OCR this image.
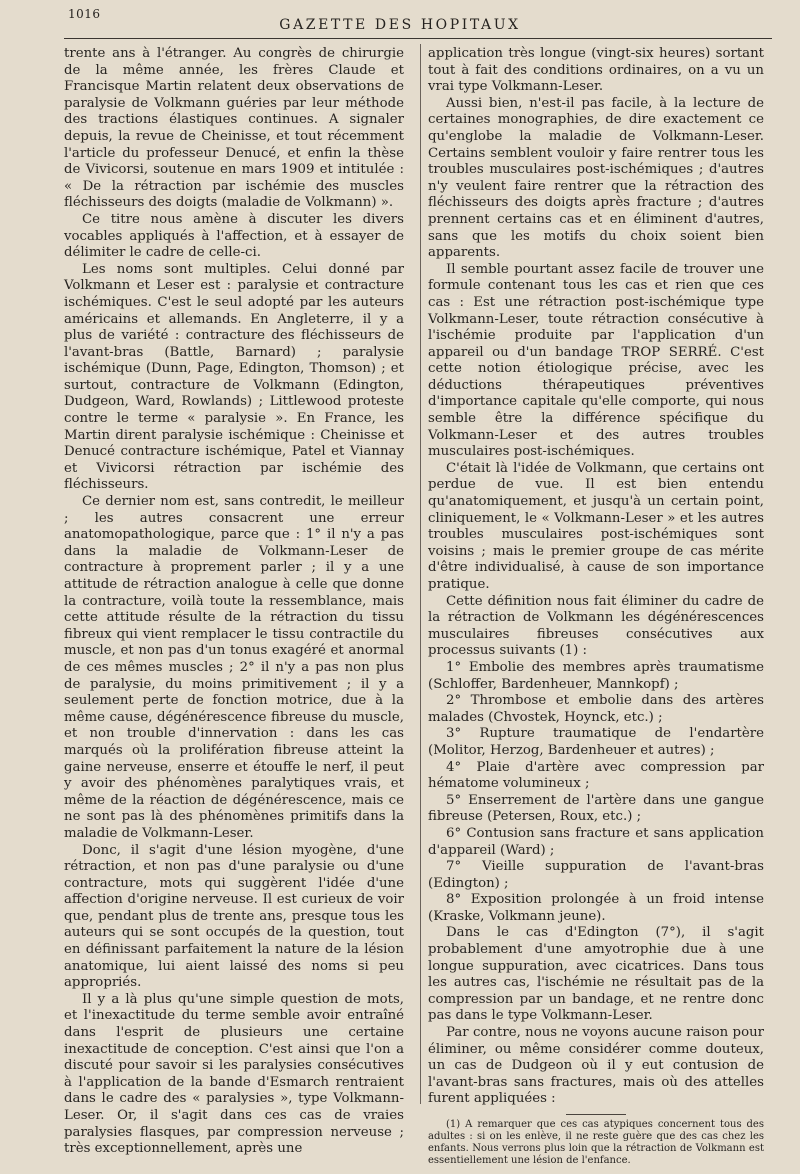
1016
GAZETTE DES HOPITAUX

trente ans à l'étranger. Au congrès de chirurgie de la même année, les frères Claude et Francisque Martin relatent deux observations de paralysie de Volkmann guéries par leur méthode des tractions élastiques continues. A signaler depuis, la revue de Cheinisse, et tout récemment l'article du professeur Denucé, et enfin la thèse de Vivicorsi, soutenue en mars 1909 et intitulée : « De la rétraction par ischémie des muscles fléchisseurs des doigts (maladie de Volkmann) ».

Ce titre nous amène à discuter les divers vocables appliqués à l'affection, et à essayer de délimiter le cadre de celle-ci.

Les noms sont multiples. Celui donné par Volkmann et Leser est : paralysie et contracture ischémiques. C'est le seul adopté par les auteurs américains et allemands. En Angleterre, il y a plus de variété : contracture des fléchisseurs de l'avant-bras (Battle, Barnard) ; paralysie ischémique (Dunn, Page, Edington, Thomson) ; et surtout, contracture de Volkmann (Edington, Dudgeon, Ward, Rowlands) ; Littlewood proteste contre le terme « paralysie ». En France, les Martin dirent paralysie ischémique : Cheinisse et Denucé contracture ischémique, Patel et Viannay et Vivicorsi rétraction par ischémie des fléchisseurs.

Ce dernier nom est, sans contredit, le meilleur ; les autres consacrent une erreur anatomopathologique, parce que : 1° il n'y a pas dans la maladie de Volkmann-Leser de contracture à proprement parler ; il y a une attitude de rétraction analogue à celle que donne la contracture, voilà toute la ressemblance, mais cette attitude résulte de la rétraction du tissu fibreux qui vient remplacer le tissu contractile du muscle, et non pas d'un tonus exagéré et anormal de ces mêmes muscles ; 2° il n'y a pas non plus de paralysie, du moins primitivement ; il y a seulement perte de fonction motrice, due à la même cause, dégénérescence fibreuse du muscle, et non trouble d'innervation : dans les cas marqués où la prolifération fibreuse atteint la gaine nerveuse, enserre et étouffe le nerf, il peut y avoir des phénomènes paralytiques vrais, et même de la réaction de dégénérescence, mais ce ne sont pas là des phénomènes primitifs dans la maladie de Volkmann-Leser.

Donc, il s'agit d'une lésion myogène, d'une rétraction, et non pas d'une paralysie ou d'une contracture, mots qui suggèrent l'idée d'une affection d'origine nerveuse. Il est curieux de voir que, pendant plus de trente ans, presque tous les auteurs qui se sont occupés de la question, tout en définissant parfaitement la nature de la lésion anatomique, lui aient laissé des noms si peu appropriés.

Il y a là plus qu'une simple question de mots, et l'inexactitude du terme semble avoir entraîné dans l'esprit de plusieurs une certaine inexactitude de conception. C'est ainsi que l'on a discuté pour savoir si les paralysies consécutives à l'application de la bande d'Esmarch rentraient dans le cadre des « paralysies », type Volkmann-Leser. Or, il s'agit dans ces cas de vraies paralysies flasques, par compression nerveuse ; très exceptionnellement, après une

application très longue (vingt-six heures) sortant tout à fait des conditions ordinaires, on a vu un vrai type Volkmann-Leser.

Aussi bien, n'est-il pas facile, à la lecture de certaines monographies, de dire exactement ce qu'englobe la maladie de Volkmann-Leser. Certains semblent vouloir y faire rentrer tous les troubles musculaires post-ischémiques ; d'autres n'y veulent faire rentrer que la rétraction des fléchisseurs des doigts après fracture ; d'autres prennent certains cas et en éliminent d'autres, sans que les motifs du choix soient bien apparents.

Il semble pourtant assez facile de trouver une formule contenant tous les cas et rien que ces cas : Est une rétraction post-ischémique type Volkmann-Leser, toute rétraction consécutive à l'ischémie produite par l'application d'un appareil ou d'un bandage TROP SERRÉ. C'est cette notion étiologique précise, avec les déductions thérapeutiques préventives d'importance capitale qu'elle comporte, qui nous semble être la différence spécifique du Volkmann-Leser et des autres troubles musculaires post-ischémiques.

C'était là l'idée de Volkmann, que certains ont perdue de vue. Il est bien entendu qu'anatomiquement, et jusqu'à un certain point, cliniquement, le « Volkmann-Leser » et les autres troubles musculaires post-ischémiques sont voisins ; mais le premier groupe de cas mérite d'être individualisé, à cause de son importance pratique.

Cette définition nous fait éliminer du cadre de la rétraction de Volkmann les dégénérescences musculaires fibreuses consécutives aux processus suivants (1) :

1° Embolie des membres après traumatisme (Schloffer, Bardenheuer, Mannkopf) ;

2° Thrombose et embolie dans des artères malades (Chvostek, Hoynck, etc.) ;

3° Rupture traumatique de l'endartère (Molitor, Herzog, Bardenheuer et autres) ;

4° Plaie d'artère avec compression par hématome volumineux ;

5° Enserrement de l'artère dans une gangue fibreuse (Petersen, Roux, etc.) ;

6° Contusion sans fracture et sans application d'appareil (Ward) ;

7° Vieille suppuration de l'avant-bras (Edington) ;

8° Exposition prolongée à un froid intense (Kraske, Volkmann jeune).

Dans le cas d'Edington (7°), il s'agit probablement d'une amyotrophie due à une longue suppuration, avec cicatrices. Dans tous les autres cas, l'ischémie ne résultait pas de la compression par un bandage, et ne rentre donc pas dans le type Volkmann-Leser.

Par contre, nous ne voyons aucune raison pour éliminer, ou même considérer comme douteux, un cas de Dudgeon où il y eut contusion de l'avant-bras sans fractures, mais où des attelles furent appliquées :

(1) A remarquer que ces cas atypiques concernent tous des adultes : si on les enlève, il ne reste guère que des cas chez les enfants. Nous verrons plus loin que la rétraction de Volkmann est essentiellement une lésion de l'enfance.
